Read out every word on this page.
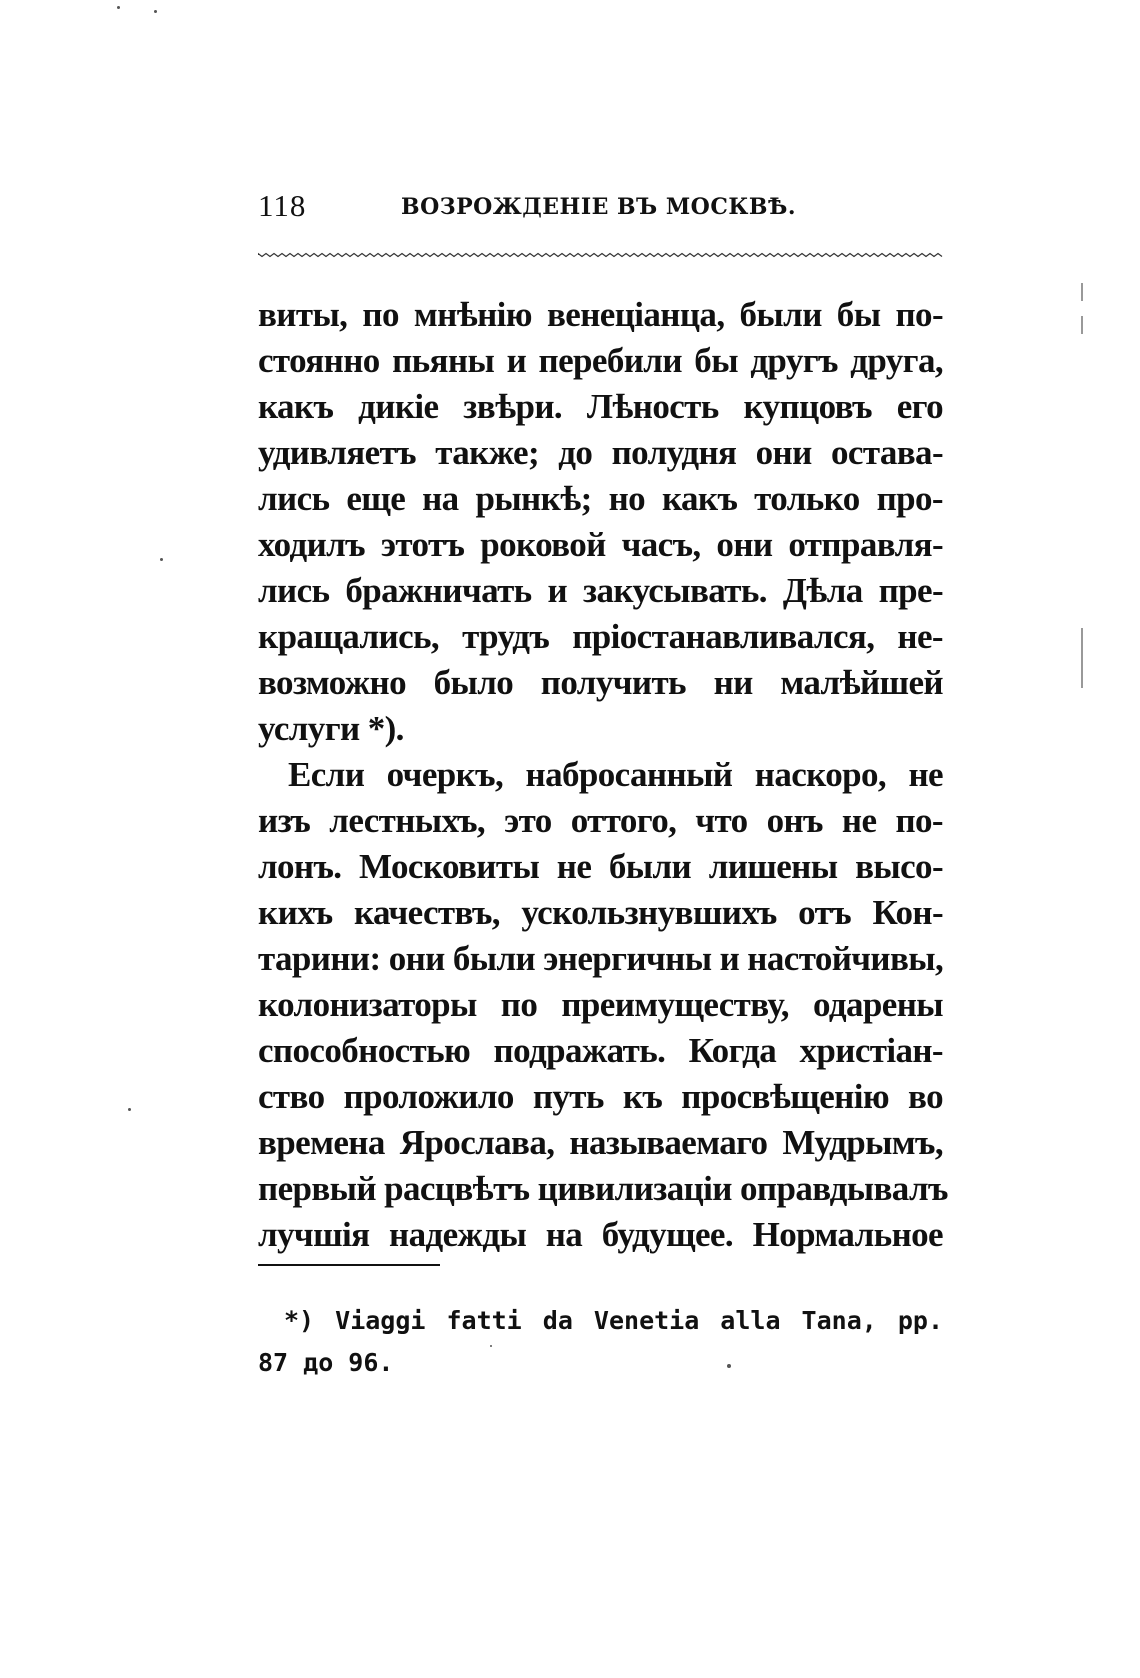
118	ВОЗРОЖДЕНІЕ ВЪ МОСКВѢ.
виты, по мнѣнію венеціанца, были бы по-
стоянно пьяны и перебили бы другъ друга,
какъ дикіе звѣри. Лѣность купцовъ его
удивляетъ также; до полудня они остава-
лись еще на рынкѣ; но какъ только про-
ходилъ этотъ роковой часъ, они отправля-
лись бражничать и закусывать. Дѣла пре-
кращались, трудъ пріостанавливался, не-
возможно было получить ни малѣйшей
услуги *).
Если очеркъ, набросанный наскоро, не
изъ лестныхъ, это оттого, что онъ не по-
лонъ. Московиты не были лишены высо-
кихъ качествъ, ускользнувшихъ отъ Кон-
тарини: они были энергичны и настойчивы,
колонизаторы по преимуществу, одарены
способностью подражать. Когда христіан-
ство проложило путь къ просвѣщенію во
времена Ярослава, называемаго Мудрымъ,
первый расцвѣтъ цивилизаціи оправдывалъ
лучшія надежды на будущее. Нормальное
*) Viaggi fatti da Venetia alla Tana, pp.
87 до 96.
